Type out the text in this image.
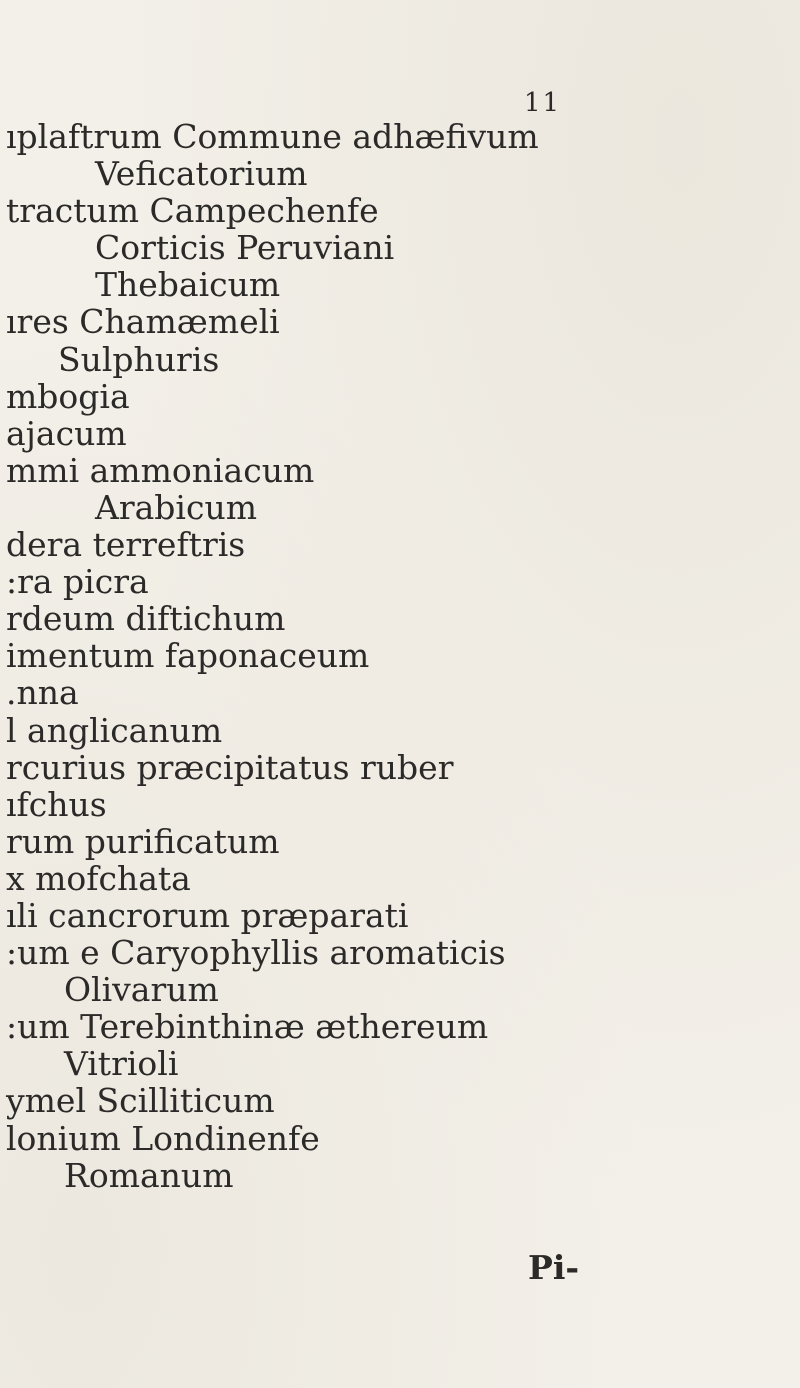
11
ıplaftrum Commune adhæfivum
Veficatorium
tractum Campechenfe
Corticis Peruviani
Thebaicum
ıres Chamæmeli
Sulphuris
mbogia
ajacum
mmi ammoniacum
Arabicum
dera terreftris
:ra picra
rdeum diftichum
imentum faponaceum
.nna
l anglicanum
rcurius præcipitatus ruber
ıfchus
rum purificatum
x mofchata
ıli cancrorum præparati
:um e Caryophyllis aromaticis
Olivarum
:um Terebinthinæ æthereum
Vitrioli
ymel Scilliticum
lonium Londinenfe
Romanum
Pi-
